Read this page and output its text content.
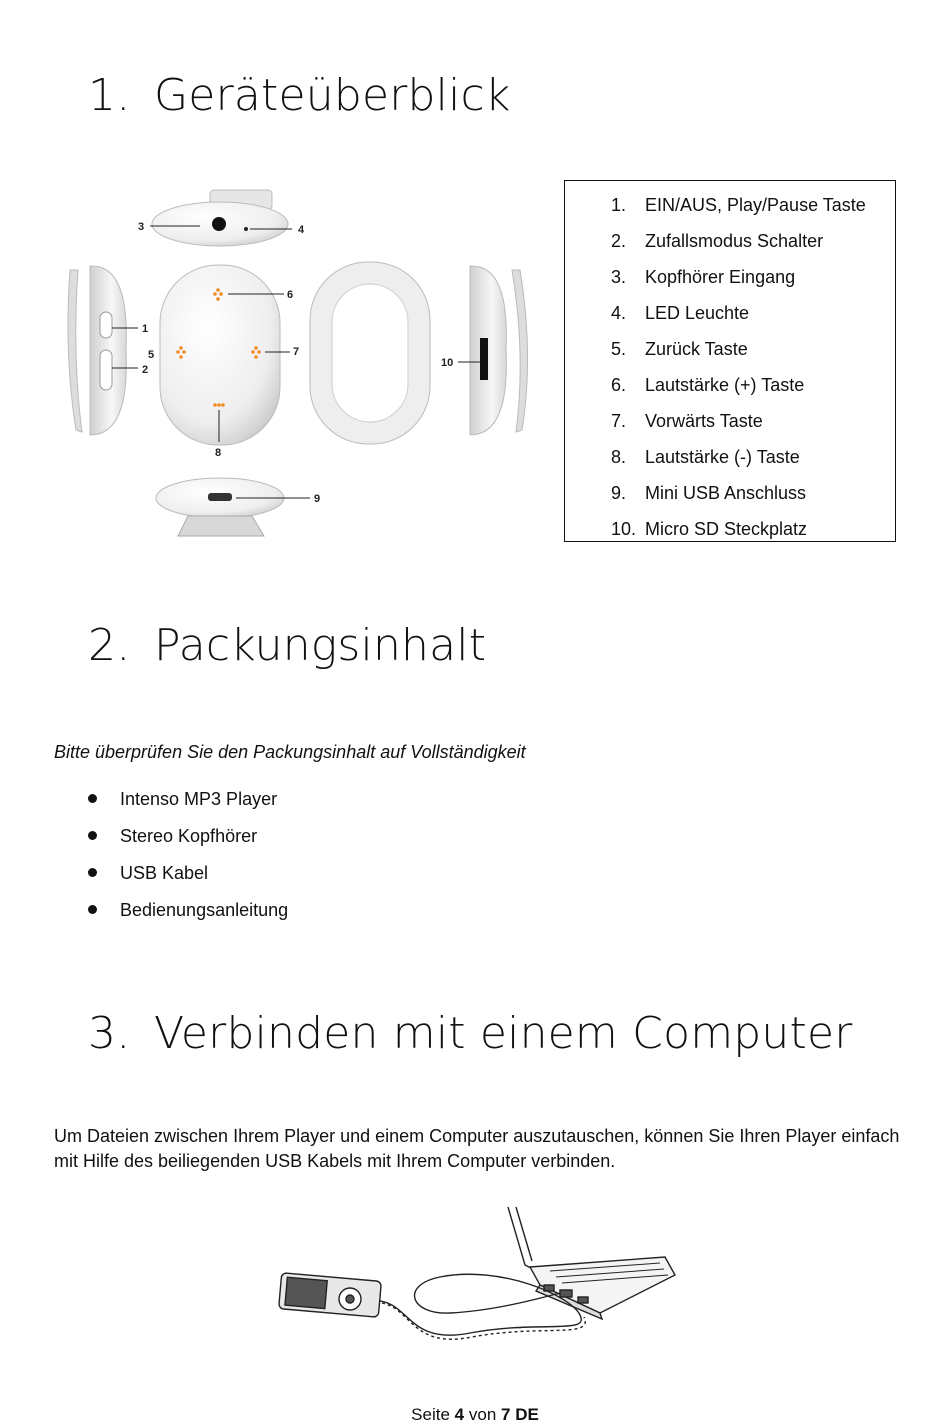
1. Geräteüberblick
2. Packungsinhalt
3. Verbinden mit einem Computer
3	4
1
2
5
6
7
8
9
10
1.	EIN/AUS, Play/Pause Taste
2.	Zufallsmodus Schalter
3.	Kopfhörer Eingang
4.	LED Leuchte
5.	Zurück Taste
6.	Lautstärke (+) Taste
7.	Vorwärts Taste
8.	Lautstärke (-) Taste
9.	Mini USB Anschluss
10. Micro SD Steckplatz
Bitte überprüfen Sie den Packungsinhalt auf Vollständigkeit
Intenso MP3 Player
Stereo Kopfhörer
USB Kabel
Bedienungsanleitung
Um Dateien zwischen Ihrem Player und einem Computer auszutauschen, können Sie Ihren Player einfach mit Hilfe des beiliegenden USB Kabels mit Ihrem Computer verbinden.
Seite 4 von 7 DE
